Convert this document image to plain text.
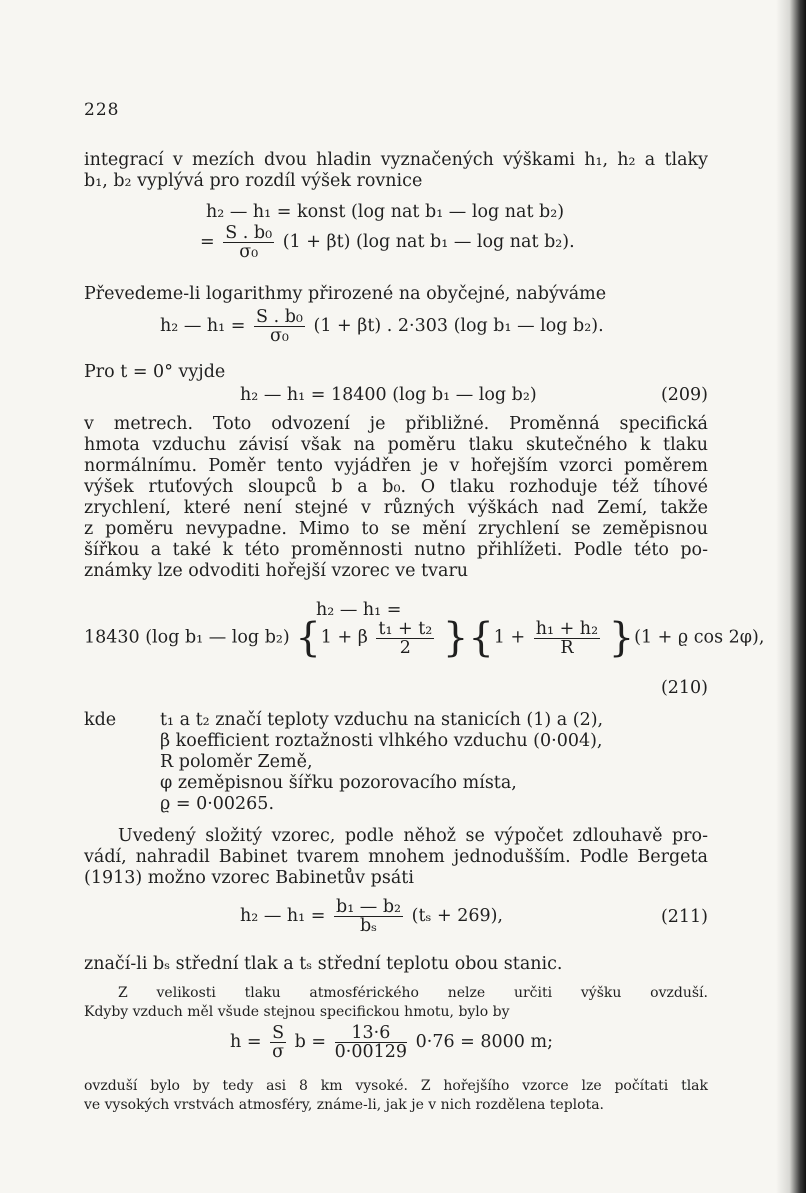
228

integrací v mezích dvou hladin vyznačených výškami h₁, h₂ a tlaky

b₁, b₂ vyplývá pro rozdíl výšek rovnice

h₂ — h₁ = konst (log nat b₁ — log nat b₂)
= $\frac{\text{S . b₀}}{\text{σ₀}} (1 + \beta t)$ (log nat b₁ — log nat b₂).

Převedeme-li logarithmy přirozené na obyčejné, nabýváme

h₂ — $h_1 = \frac{\text{S . b₀}}{\text{σ₀}} (1 + \beta t)$ . 2·303 (log b₁ — log b₂).

Pro t = 0° vyjde

h₂ — h₁ = 18400 (log b₁ — log b₂)	(209)

v metrech. Toto odvození je přibližné. Proměnná specifická

hmota vzduchu závisí však na poměru tlaku skutečného k tlaku

normálnímu. Poměr tento vyjádřen je v hořejším vzorci poměrem

výšek rtuťových sloupců b a b₀. O tlaku rozhoduje též tíhové

zrychlení, které není stejné v různých výškách nad Zemí, takže

z poměru nevypadne. Mimo to se mění zrychlení se zeměpisnou

šířkou a také k této proměnnosti nutno přihlížeti. Podle této po-

známky lze odvoditi hořejší vzorec ve tvaru

h₂ — h₁ =
18430 (log b₁ — log b₂) {1 + β $\frac{\text{t₁ + t₂}}{2} \}\{1 + \frac{\text{h₁ + h₂}}{R} \}(1 + ϱ$ cos 2φ),
(210)

kde	t₁ a t₂ značí teploty vzduchu na stanicích (1) a (2),
β koefficient roztažnosti vlhkého vzduchu (0·004),
R poloměr Země,
φ zeměpisnou šířku pozorovacího místa,
ϱ = 0·00265.

Uvedený složitý vzorec, podle něhož se výpočet zdlouhavě pro-

vádí, nahradil Babinet tvarem mnohem jednodušším. Podle Bergeta

(1913) možno vzorec Babinetův psáti

h₂ — $h_1 = \frac{\text{b₁ — b₂}}{\text{bₛ}} (t_s + 269)$,	(211)

značí-li bₛ střední tlak a tₛ střední teplotu obou stanic.

Z velikosti tlaku atmosférického nelze určiti výšku ovzduší.

Kdyby vzduch měl všude stejnou specifickou hmotu, bylo by

$h = \frac{S}{\sigma}$ $b = \frac{13\cdot 6}{0\cdot 00129} 0\cdot 76 = 8000$ m;

ovzduší bylo by tedy asi 8 km vysoké. Z hořejšího vzorce lze počítati tlak

ve vysokých vrstvách atmosféry, známe-li, jak je v nich rozdělena teplota.
